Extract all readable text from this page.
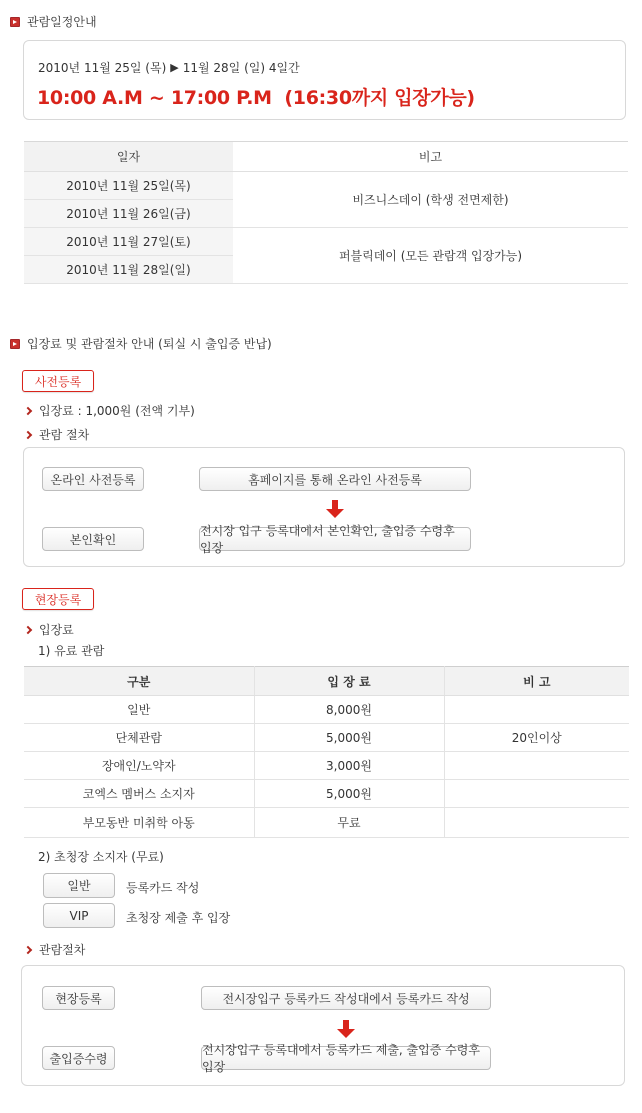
관람일정안내
2010년 11월 25일 (목) ▶ 11월 28일 (일) 4일간
10:00 A.M ~ 17:00 P.M  (16:30까지 입장가능)
일자	비고
2010년 11월 25일(목)	비즈니스데이 (학생 전면제한)
2010년 11월 26일(금)	
2010년 11월 27일(토)	퍼블릭데이 (모든 관람객 입장가능)
2010년 11월 28일(일)	
입장료 및 관람절차 안내 (퇴실 시 출입증 반납)
사전등록
입장료 : 1,000원 (전액 기부)
관람 절차
온라인 사전등록	홈페이지를 통해 온라인 사전등록
본인확인
전시장 입구 등록대에서 본인확인, 출입증 수령후 입장
현장등록
입장료
1) 유료 관람
구분	입 장 료	비 고
일반	8,000원	
단체관람	5,000원	20인이상
장애인/노약자	3,000원	
코엑스 멤버스 소지자	5,000원	
부모동반 미취학 아동	무료	
2) 초청장 소지자 (무료)
일반	등록카드 작성
VIP	초청장 제출 후 입장
관람절차
현장등록	전시장입구 등록카드 작성대에서 등록카드 작성
출입증수령
전시장입구 등록대에서 등록카드 제출, 출입증 수령후 입장
